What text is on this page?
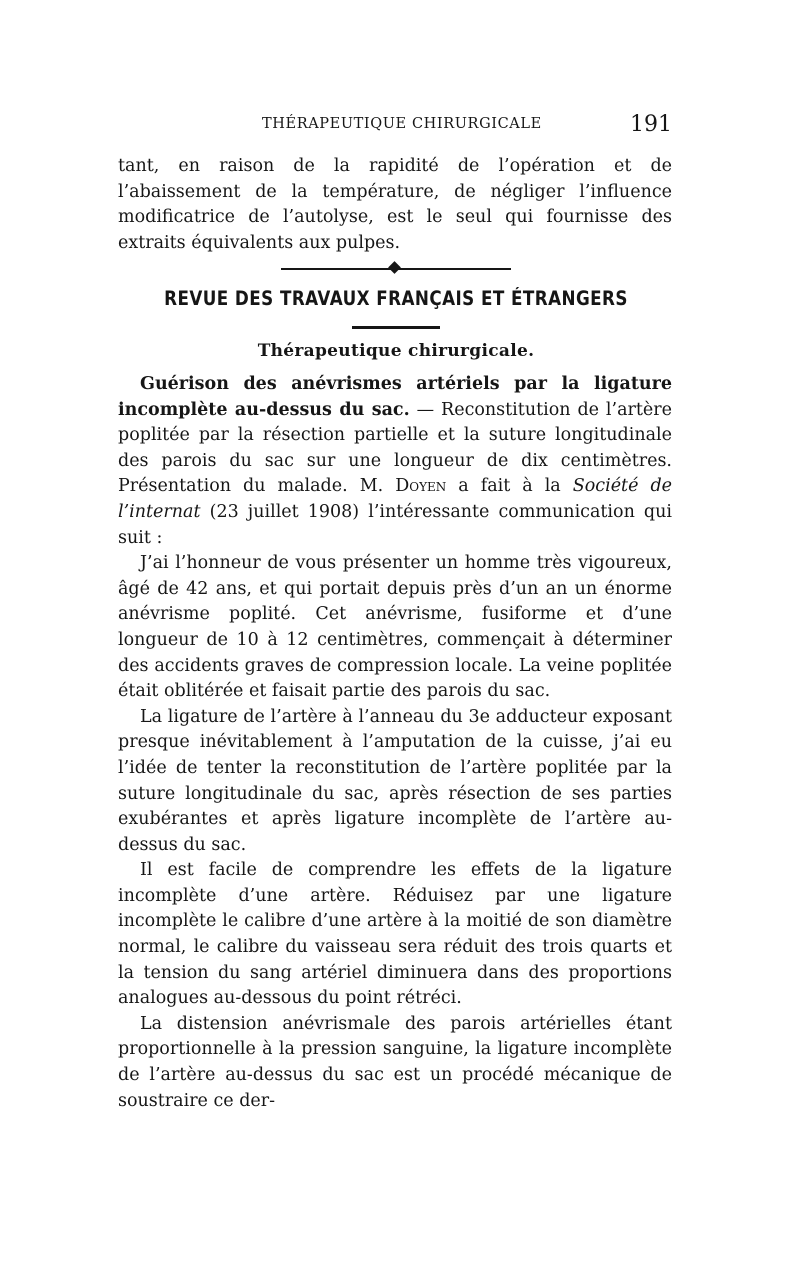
THÉRAPEUTIQUE CHIRURGICALE	191

tant, en raison de la rapidité de l’opération et de l’abaissement de la température, de négliger l’influence modificatrice de l’autolyse, est le seul qui fournisse des extraits équivalents aux pulpes.

REVUE DES TRAVAUX FRANÇAIS ET ÉTRANGERS
Thérapeutique chirurgicale.

Guérison des anévrismes artériels par la ligature incomplète au-dessus du sac. — Reconstitution de l’artère poplitée par la résection partielle et la suture longitudinale des parois du sac sur une longueur de dix centimètres. Présentation du malade. M. Doyen a fait à la Société de l’internat (23 juillet 1908) l’intéressante communication qui suit :

J’ai l’honneur de vous présenter un homme très vigoureux, âgé de 42 ans, et qui portait depuis près d’un an un énorme anévrisme poplité. Cet anévrisme, fusiforme et d’une longueur de 10 à 12 centimètres, commençait à déterminer des accidents graves de compression locale. La veine poplitée était oblitérée et faisait partie des parois du sac.

La ligature de l’artère à l’anneau du 3e adducteur exposant presque inévitablement à l’amputation de la cuisse, j’ai eu l’idée de tenter la reconstitution de l’artère poplitée par la suture longitudinale du sac, après résection de ses parties exubérantes et après ligature incomplète de l’artère au-dessus du sac.

Il est facile de comprendre les effets de la ligature incomplète d’une artère. Réduisez par une ligature incomplète le calibre d’une artère à la moitié de son diamètre normal, le calibre du vaisseau sera réduit des trois quarts et la tension du sang artériel diminuera dans des proportions analogues au-dessous du point rétréci.

La distension anévrismale des parois artérielles étant proportionnelle à la pression sanguine, la ligature incomplète de l’artère au-dessus du sac est un procédé mécanique de soustraire ce der-
